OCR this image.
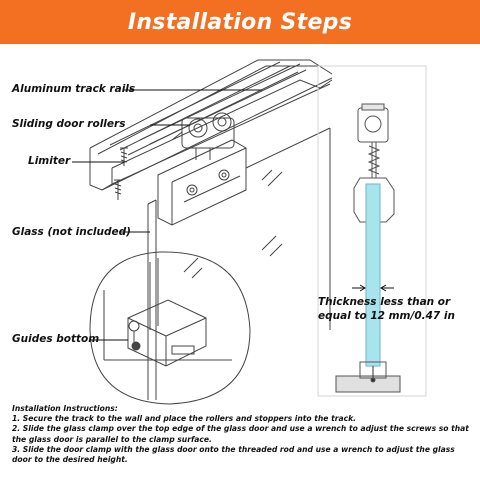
Installation Steps
Aluminum track rails
Sliding door rollers
Limiter
Glass (not included)
Guides bottom
Thickness less than or
equal to 12 mm/0.47 in

Installation Instructions:

1. Secure the track to the wall and place the rollers and stoppers into the track.

2. Slide the glass clamp over the top edge of the glass door and use a wrench to adjust the screws so that the glass door is parallel to the clamp surface.

3. Slide the door clamp with the glass door onto the threaded rod and use a wrench to adjust the glass door to the desired height.
